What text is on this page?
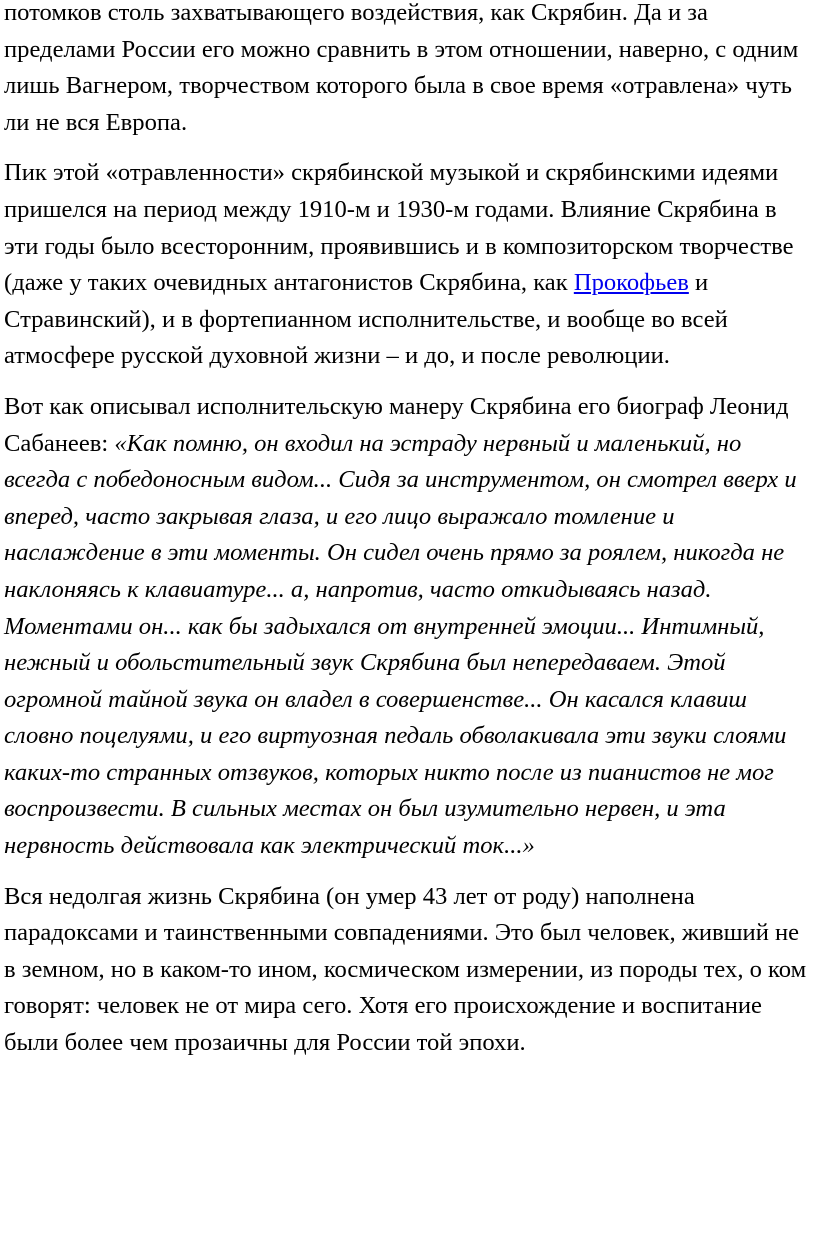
потомков столь захватывающего воздействия, как Скрябин. Да и за пределами России его можно сравнить в этом отношении, наверно, с одним лишь Вагнером, творчеством которого была в свое время «отравлена» чуть ли не вся Европа.

Пик этой «отравленности» скрябинской музыкой и скрябинскими идеями пришелся на период между 1910-м и 1930-м годами. Влияние Скрябина в эти годы было всесторонним, проявившись и в композиторском творчестве (даже у таких очевидных антагонистов Скрябина, как Прокофьев и Стравинский), и в фортепианном исполнительстве, и вообще во всей атмосфере русской духовной жизни – и до, и после революции.

Вот как описывал исполнительскую манеру Скрябина его биограф Леонид Сабанеев: «Как помню, он входил на эстраду нервный и маленький, но всегда с победоносным видом... Сидя за инструментом, он смотрел вверх и вперед, часто закрывая глаза, и его лицо выражало томление и наслаждение в эти моменты. Он сидел очень прямо за роялем, никогда не наклоняясь к клавиатуре... а, напротив, часто откидываясь назад. Моментами он... как бы задыхался от внутренней эмоции... Интимный, нежный и обольстительный звук Скрябина был непередаваем. Этой огромной тайной звука он владел в совершенстве... Он касался клавиш словно поцелуями, и его виртуозная педаль обволакивала эти звуки слоями каких-то странных отзвуков, которых никто после из пианистов не мог воспроизвести. В сильных местах он был изумительно нервен, и эта нервность действовала как электрический ток...»

Вся недолгая жизнь Скрябина (он умер 43 лет от роду) наполнена парадоксами и таинственными совпадениями. Это был человек, живший не в земном, но в каком-то ином, космическом измерении, из породы тех, о ком говорят: человек не от мира сего. Хотя его происхождение и воспитание были более чем прозаичны для России той эпохи.
